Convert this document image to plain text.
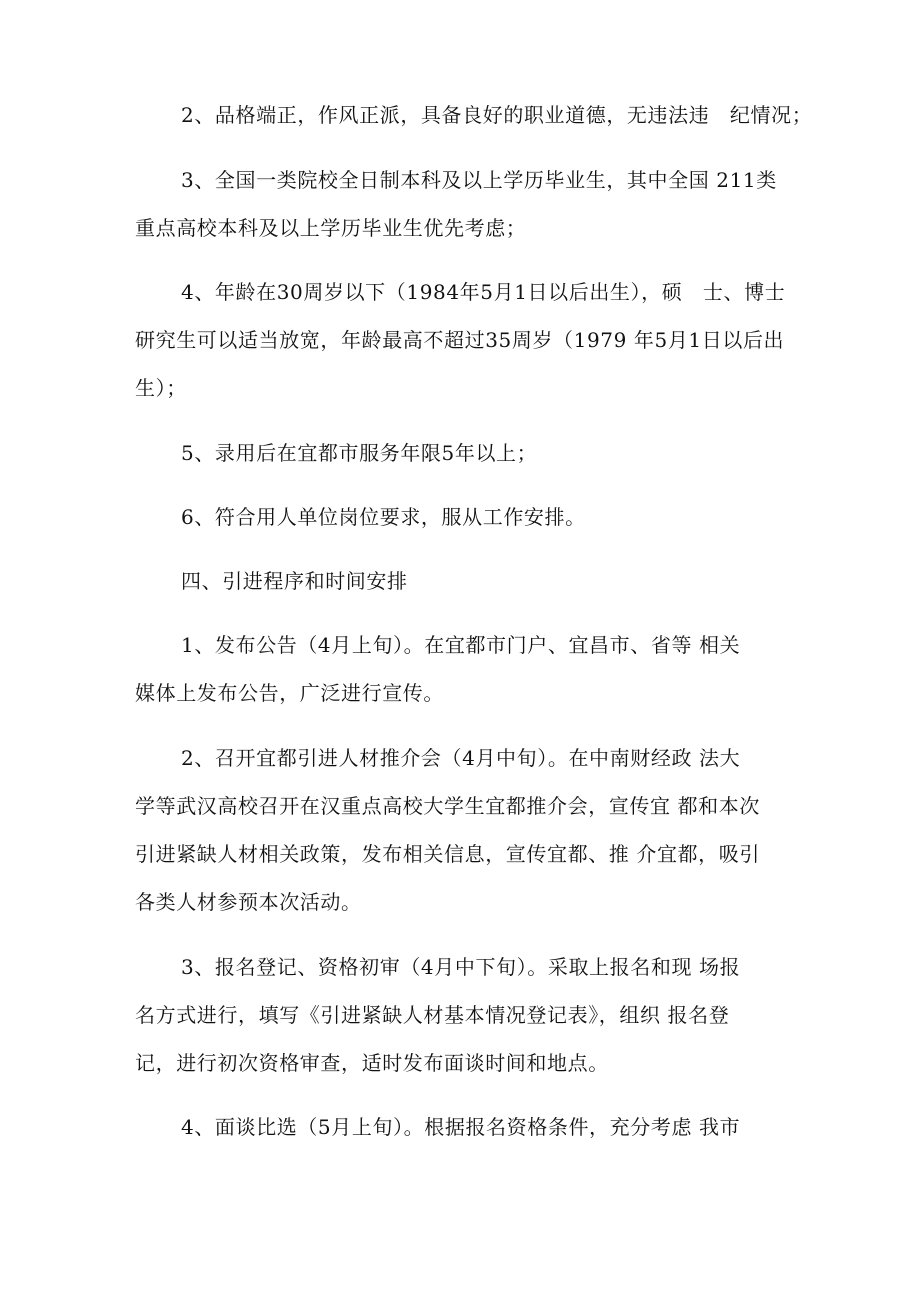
2、品格端正，作风正派，具备良好的职业道德，无违法违　纪情况；
3、全国一类院校全日制本科及以上学历毕业生，其中全国 211类
重点高校本科及以上学历毕业生优先考虑；
4、年龄在30周岁以下（1984年5月1日以后出生），硕　士、博士
研究生可以适当放宽，年龄最高不超过35周岁（1979 年5月1日以后出
生）；
5、录用后在宜都市服务年限5年以上；
6、符合用人单位岗位要求，服从工作安排。
四、引进程序和时间安排
1、发布公告（4月上旬）。在宜都市门户、宜昌市、省等 相关
媒体上发布公告，广泛进行宣传。
2、召开宜都引进人材推介会（4月中旬）。在中南财经政 法大
学等武汉高校召开在汉重点高校大学生宜都推介会，宣传宜 都和本次
引进紧缺人材相关政策，发布相关信息，宣传宜都、推 介宜都，吸引
各类人材参预本次活动。
3、报名登记、资格初审（4月中下旬）。采取上报名和现 场报
名方式进行，填写《引进紧缺人材基本情况登记表》，组织 报名登
记，进行初次资格审查，适时发布面谈时间和地点。
4、面谈比选（5月上旬）。根据报名资格条件，充分考虑 我市
